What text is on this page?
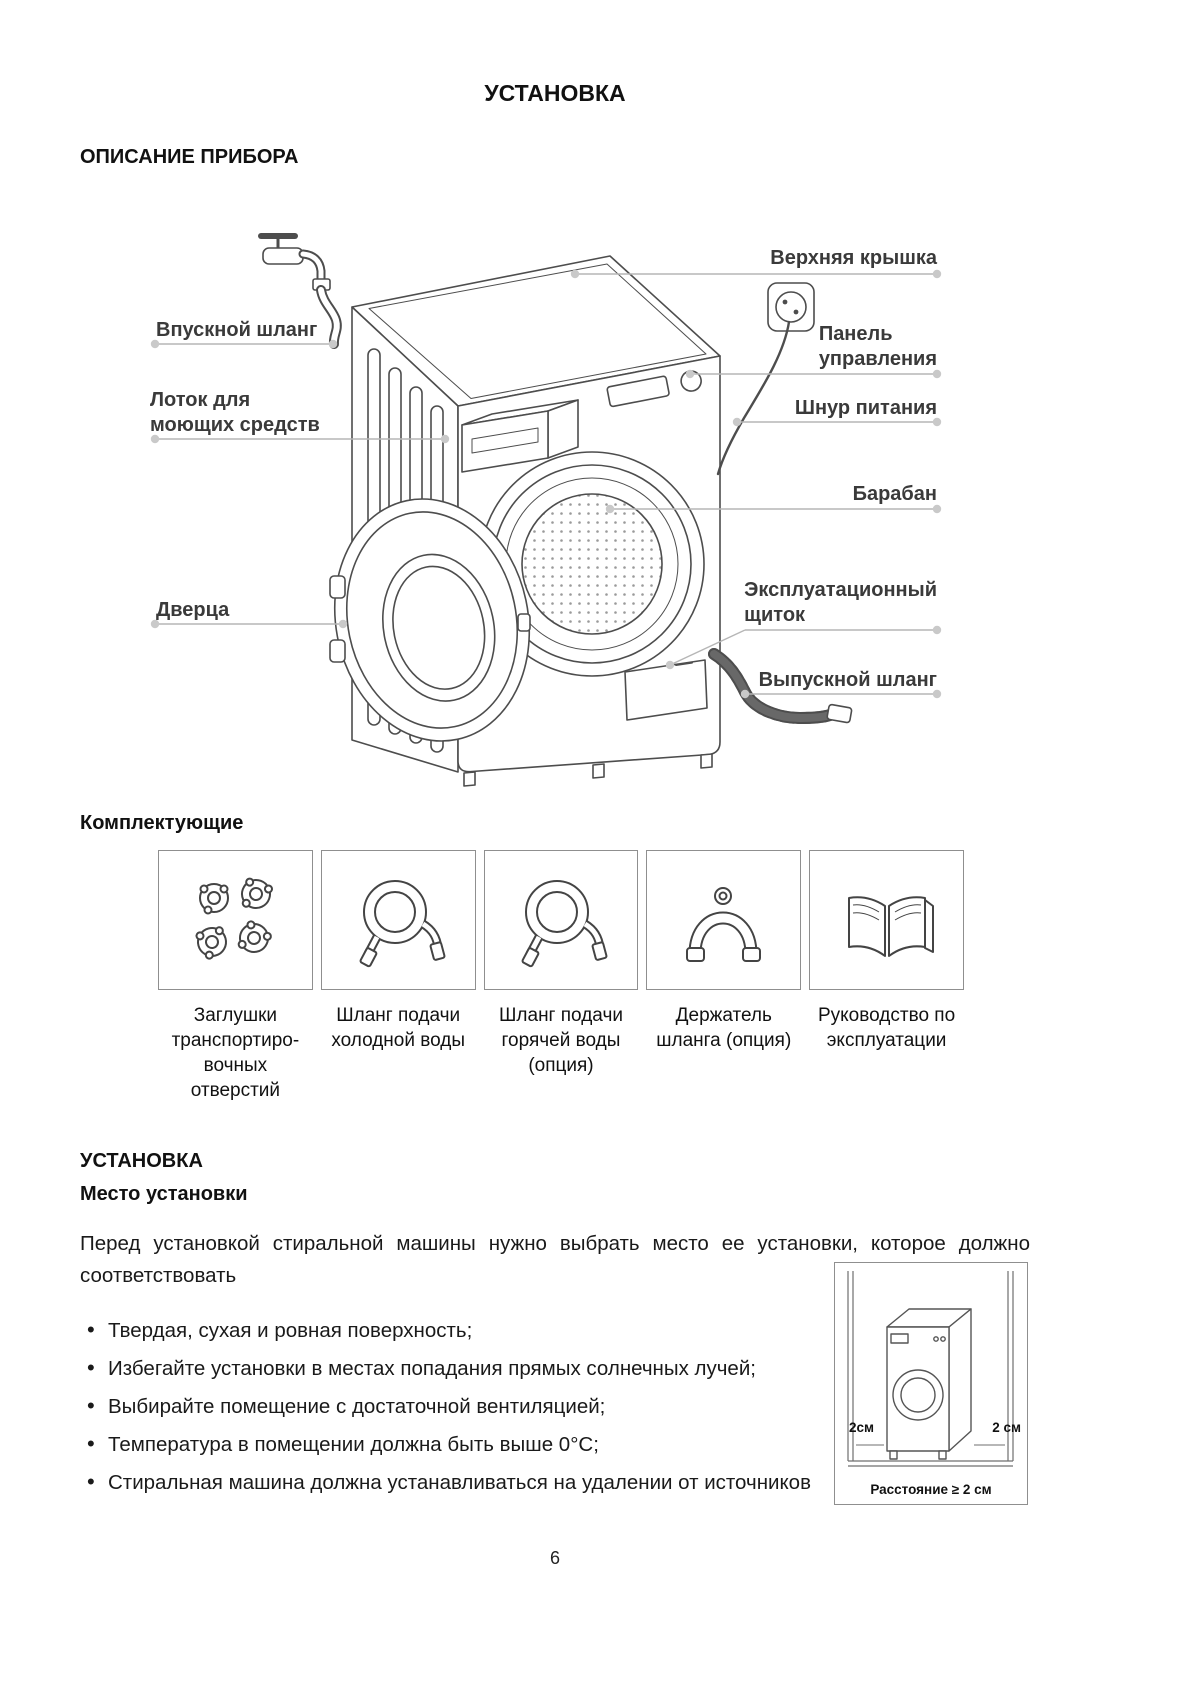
УСТАНОВКА
ОПИСАНИЕ ПРИБОРА
Впускной шланг
Лоток для
моющих средств
Дверца
Верхняя крышка
Панель
управления
Шнур питания
Барабан
Эксплуатационный
щиток
Выпускной шланг
Комплектующие
Заглушки транспортиро-вочных отверстий
Шланг подачи холодной воды
Шланг подачи горячей воды (опция)
Держатель шланга (опция)
Руководство по эксплуатации
УСТАНОВКА
Место установки

Перед установкой стиральной машины нужно выбрать место ее установки, которое должно соответствовать

• Твердая, сухая и ровная поверхность;
• Избегайте установки в местах попадания прямых солнечных лучей;
• Выбирайте помещение с достаточной вентиляцией;
• Температура в помещении должна быть выше 0°C;
• Стиральная машина должна устанавливаться на удалении от источников
2см	2 см
Расстояние ≥ 2 см
6
